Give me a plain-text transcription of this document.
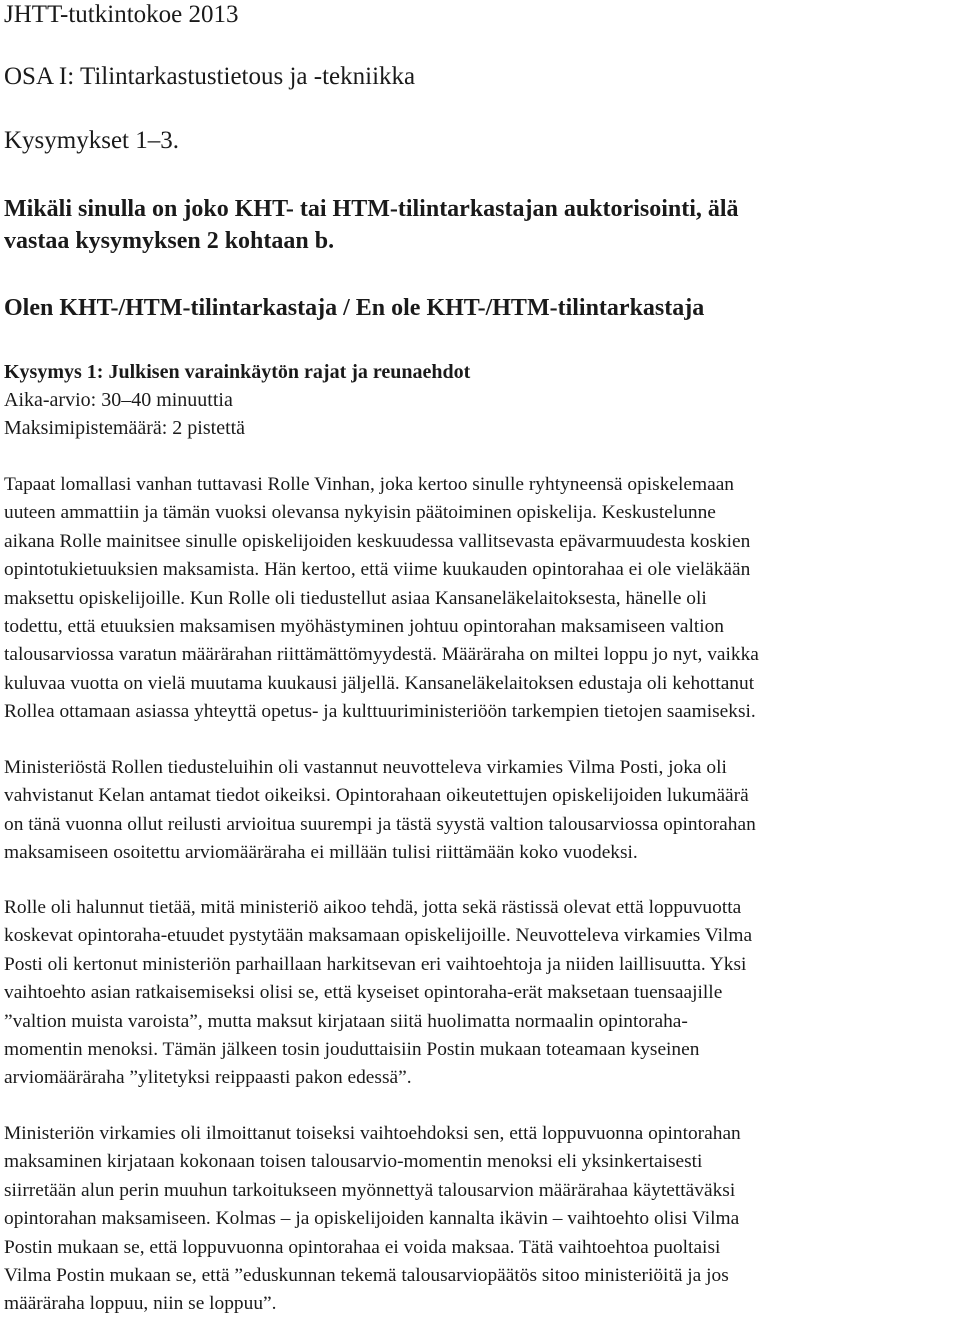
JHTT-tutkintokoe 2013
OSA I: Tilintarkastustietous ja -tekniikka
Kysymykset 1–3.
Mikäli sinulla on joko KHT- tai HTM-tilintarkastajan auktorisointi, älä
vastaa kysymyksen 2 kohtaan b.
Olen KHT-/HTM-tilintarkastaja / En ole KHT-/HTM-tilintarkastaja
Kysymys 1: Julkisen varainkäytön rajat ja reunaehdot
Aika-arvio: 30–40 minuuttia
Maksimipistemäärä: 2 pistettä
Tapaat lomallasi vanhan tuttavasi Rolle Vinhan, joka kertoo sinulle ryhtyneensä opiskelemaan
uuteen ammattiin ja tämän vuoksi olevansa nykyisin päätoiminen opiskelija. Keskustelunne
aikana Rolle mainitsee sinulle opiskelijoiden keskuudessa vallitsevasta epävarmuudesta koskien
opintotukietuuksien maksamista. Hän kertoo, että viime kuukauden opintorahaa ei ole vieläkään
maksettu opiskelijoille. Kun Rolle oli tiedustellut asiaa Kansaneläkelaitoksesta, hänelle oli
todettu, että etuuksien maksamisen myöhästyminen johtuu opintorahan maksamiseen valtion
talousarviossa varatun määrärahan riittämättömyydestä. Määräraha on miltei loppu jo nyt, vaikka
kuluvaa vuotta on vielä muutama kuukausi jäljellä. Kansaneläkelaitoksen edustaja oli kehottanut
Rollea ottamaan asiassa yhteyttä opetus- ja kulttuuriministeriöön tarkempien tietojen saamiseksi.
Ministeriöstä Rollen tiedusteluihin oli vastannut neuvotteleva virkamies Vilma Posti, joka oli
vahvistanut Kelan antamat tiedot oikeiksi. Opintorahaan oikeutettujen opiskelijoiden lukumäärä
on tänä vuonna ollut reilusti arvioitua suurempi ja tästä syystä valtion talousarviossa opintorahan
maksamiseen osoitettu arviomääräraha ei millään tulisi riittämään koko vuodeksi.
Rolle oli halunnut tietää, mitä ministeriö aikoo tehdä, jotta sekä rästissä olevat että loppuvuotta
koskevat opintoraha-etuudet pystytään maksamaan opiskelijoille. Neuvotteleva virkamies Vilma
Posti oli kertonut ministeriön parhaillaan harkitsevan eri vaihtoehtoja ja niiden laillisuutta. Yksi
vaihtoehto asian ratkaisemiseksi olisi se, että kyseiset opintoraha-erät maksetaan tuensaajille
”valtion muista varoista”, mutta maksut kirjataan siitä huolimatta normaalin opintoraha-
momentin menoksi. Tämän jälkeen tosin jouduttaisiin Postin mukaan toteamaan kyseinen
arviomääräraha ”ylitetyksi reippaasti pakon edessä”.
Ministeriön virkamies oli ilmoittanut toiseksi vaihtoehdoksi sen, että loppuvuonna opintorahan
maksaminen kirjataan kokonaan toisen talousarvio-momentin menoksi eli yksinkertaisesti
siirretään alun perin muuhun tarkoitukseen myönnettyä talousarvion määrärahaa käytettäväksi
opintorahan maksamiseen. Kolmas – ja opiskelijoiden kannalta ikävin – vaihtoehto olisi Vilma
Postin mukaan se, että loppuvuonna opintorahaa ei voida maksaa. Tätä vaihtoehtoa puoltaisi
Vilma Postin mukaan se, että ”eduskunnan tekemä talousarviopäätös sitoo ministeriöitä ja jos
määräraha loppuu, niin se loppuu”.
